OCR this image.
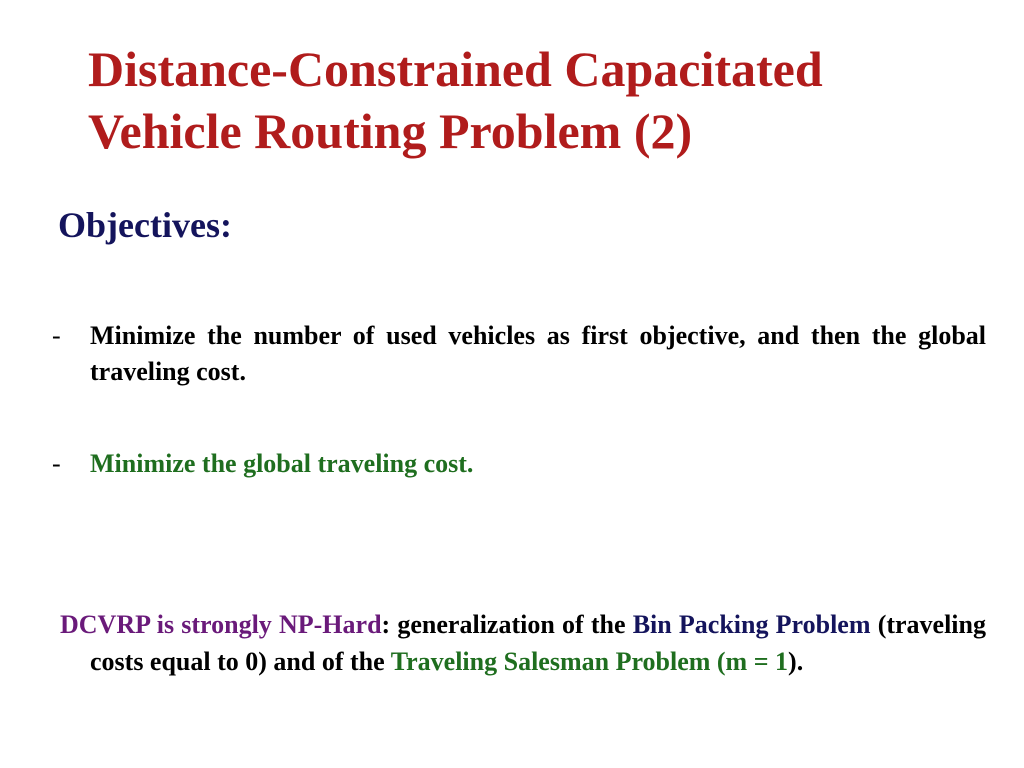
Distance-Constrained Capacitated
Vehicle Routing Problem (2)
Objectives:
- Minimize the number of used vehicles as first objective, and then the global traveling cost.
- Minimize the global traveling cost.

DCVRP is strongly NP-Hard: generalization of the Bin Packing Problem (traveling costs equal to 0) and of the Traveling Salesman Problem (m = 1).
